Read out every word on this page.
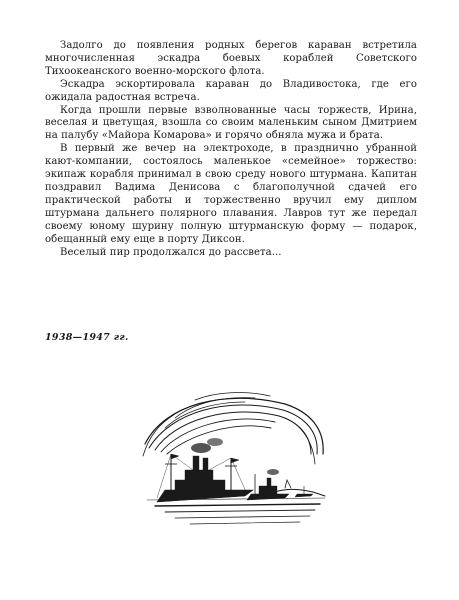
Задолго до появления родных берегов караван встретила многочисленная эскадра боевых кораблей Советского Тихоокеанского военно-морского флота.

Эскадра эскортировала караван до Владивостока, где его ожидала радостная встреча.

Когда прошли первые взволнованные часы торжеств, Ирина, веселая и цветущая, взошла со своим маленьким сыном Дмитрием на палубу «Майора Комарова» и горячо обняла мужа и брата.

В первый же вечер на электроходе, в празднично убранной кают-компании, состоялось маленькое «семейное» торжество: экипаж корабля принимал в свою среду нового штурмана. Капитан поздравил Вадима Денисова с благополучной сдачей его практической работы и торжественно вручил ему диплом штурмана дальнего полярного плавания. Лавров тут же передал своему юному шурину полную штурманскую форму — подарок, обещанный ему еще в порту Диксон.

Веселый пир продолжался до рассвета...

1938—1947 гг.
